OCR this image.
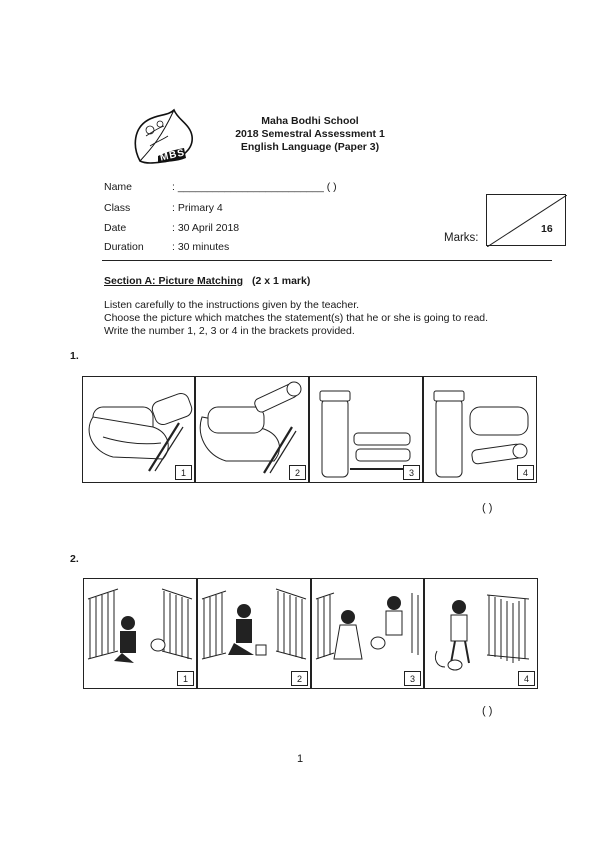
MBS
Maha Bodhi School
2018 Semestral Assessment 1
English Language (Paper 3)
Name	: _________________________ ( )
Class	: Primary 4
Date	: 30 April 2018
Duration	: 30 minutes
Marks:
16
Section A: Picture Matching (2 x 1 mark)
Listen carefully to the instructions given by the teacher.
Choose the picture which matches the statement(s) that he or she is going to read.
Write the number 1, 2, 3 or 4 in the brackets provided.
1.
1	2	3	4
( )
2.
1	2	3	4
( )
1
